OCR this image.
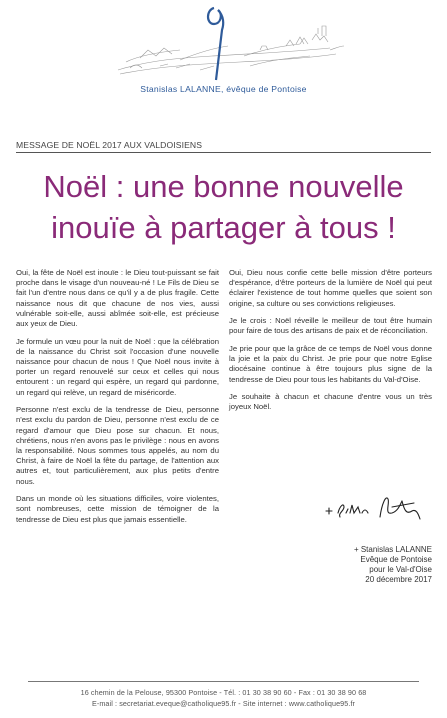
Stanislas LALANNE, évêque de Pontoise
MESSAGE DE NOËL 2017 AUX VALDOISIENS
Noël : une bonne nouvelle
inouïe à partager à tous !

Oui, la fête de Noël est inouïe : le Dieu tout-puissant se fait proche dans le visage d'un nouveau-né ! Le Fils de Dieu se fait l'un d'entre nous dans ce qu'il y a de plus fragile. Cette naissance nous dit que chacune de nos vies, aussi vulnérable soit-elle, aussi abîmée soit-elle, est précieuse aux yeux de Dieu.

Je formule un vœu pour la nuit de Noël : que la célébration de la naissance du Christ soit l'occasion d'une nouvelle naissance pour chacun de nous ! Que Noël nous invite à porter un regard renouvelé sur ceux et celles qui nous entourent : un regard qui espère, un regard qui pardonne, un regard qui relève, un regard de miséricorde.

Personne n'est exclu de la tendresse de Dieu, personne n'est exclu du pardon de Dieu, personne n'est exclu de ce regard d'amour que Dieu pose sur chacun. Et nous, chrétiens, nous n'en avons pas le privilège : nous en avons la responsabilité. Nous sommes tous appelés, au nom du Christ, à faire de Noël la fête du partage, de l'attention aux autres et, tout particulièrement, aux plus petits d'entre nous.

Dans un monde où les situations difficiles, voire violentes, sont nombreuses, cette mission de témoigner de la tendresse de Dieu est plus que jamais essentielle.

Oui, Dieu nous confie cette belle mission d'être porteurs d'espérance, d'être porteurs de la lumière de Noël qui peut éclairer l'existence de tout homme quelles que soient son origine, sa culture ou ses convictions religieuses.

Je le crois : Noël réveille le meilleur de tout être humain pour faire de tous des artisans de paix et de réconciliation.

Je prie pour que la grâce de ce temps de Noël vous donne la joie et la paix du Christ. Je prie pour que notre Eglise diocésaine continue à être toujours plus signe de la tendresse de Dieu pour tous les habitants du Val-d'Oise.

Je souhaite à chacun et chacune d'entre vous un très joyeux Noël.

+ Stanislas LALANNE
Evêque de Pontoise
pour le Val-d'Oise
20 décembre 2017
16 chemin de la Pelouse, 95300 Pontoise - Tél. : 01 30 38 90 60 - Fax : 01 30 38 90 68
E-mail : secretariat.eveque@catholique95.fr - Site internet : www.catholique95.fr
